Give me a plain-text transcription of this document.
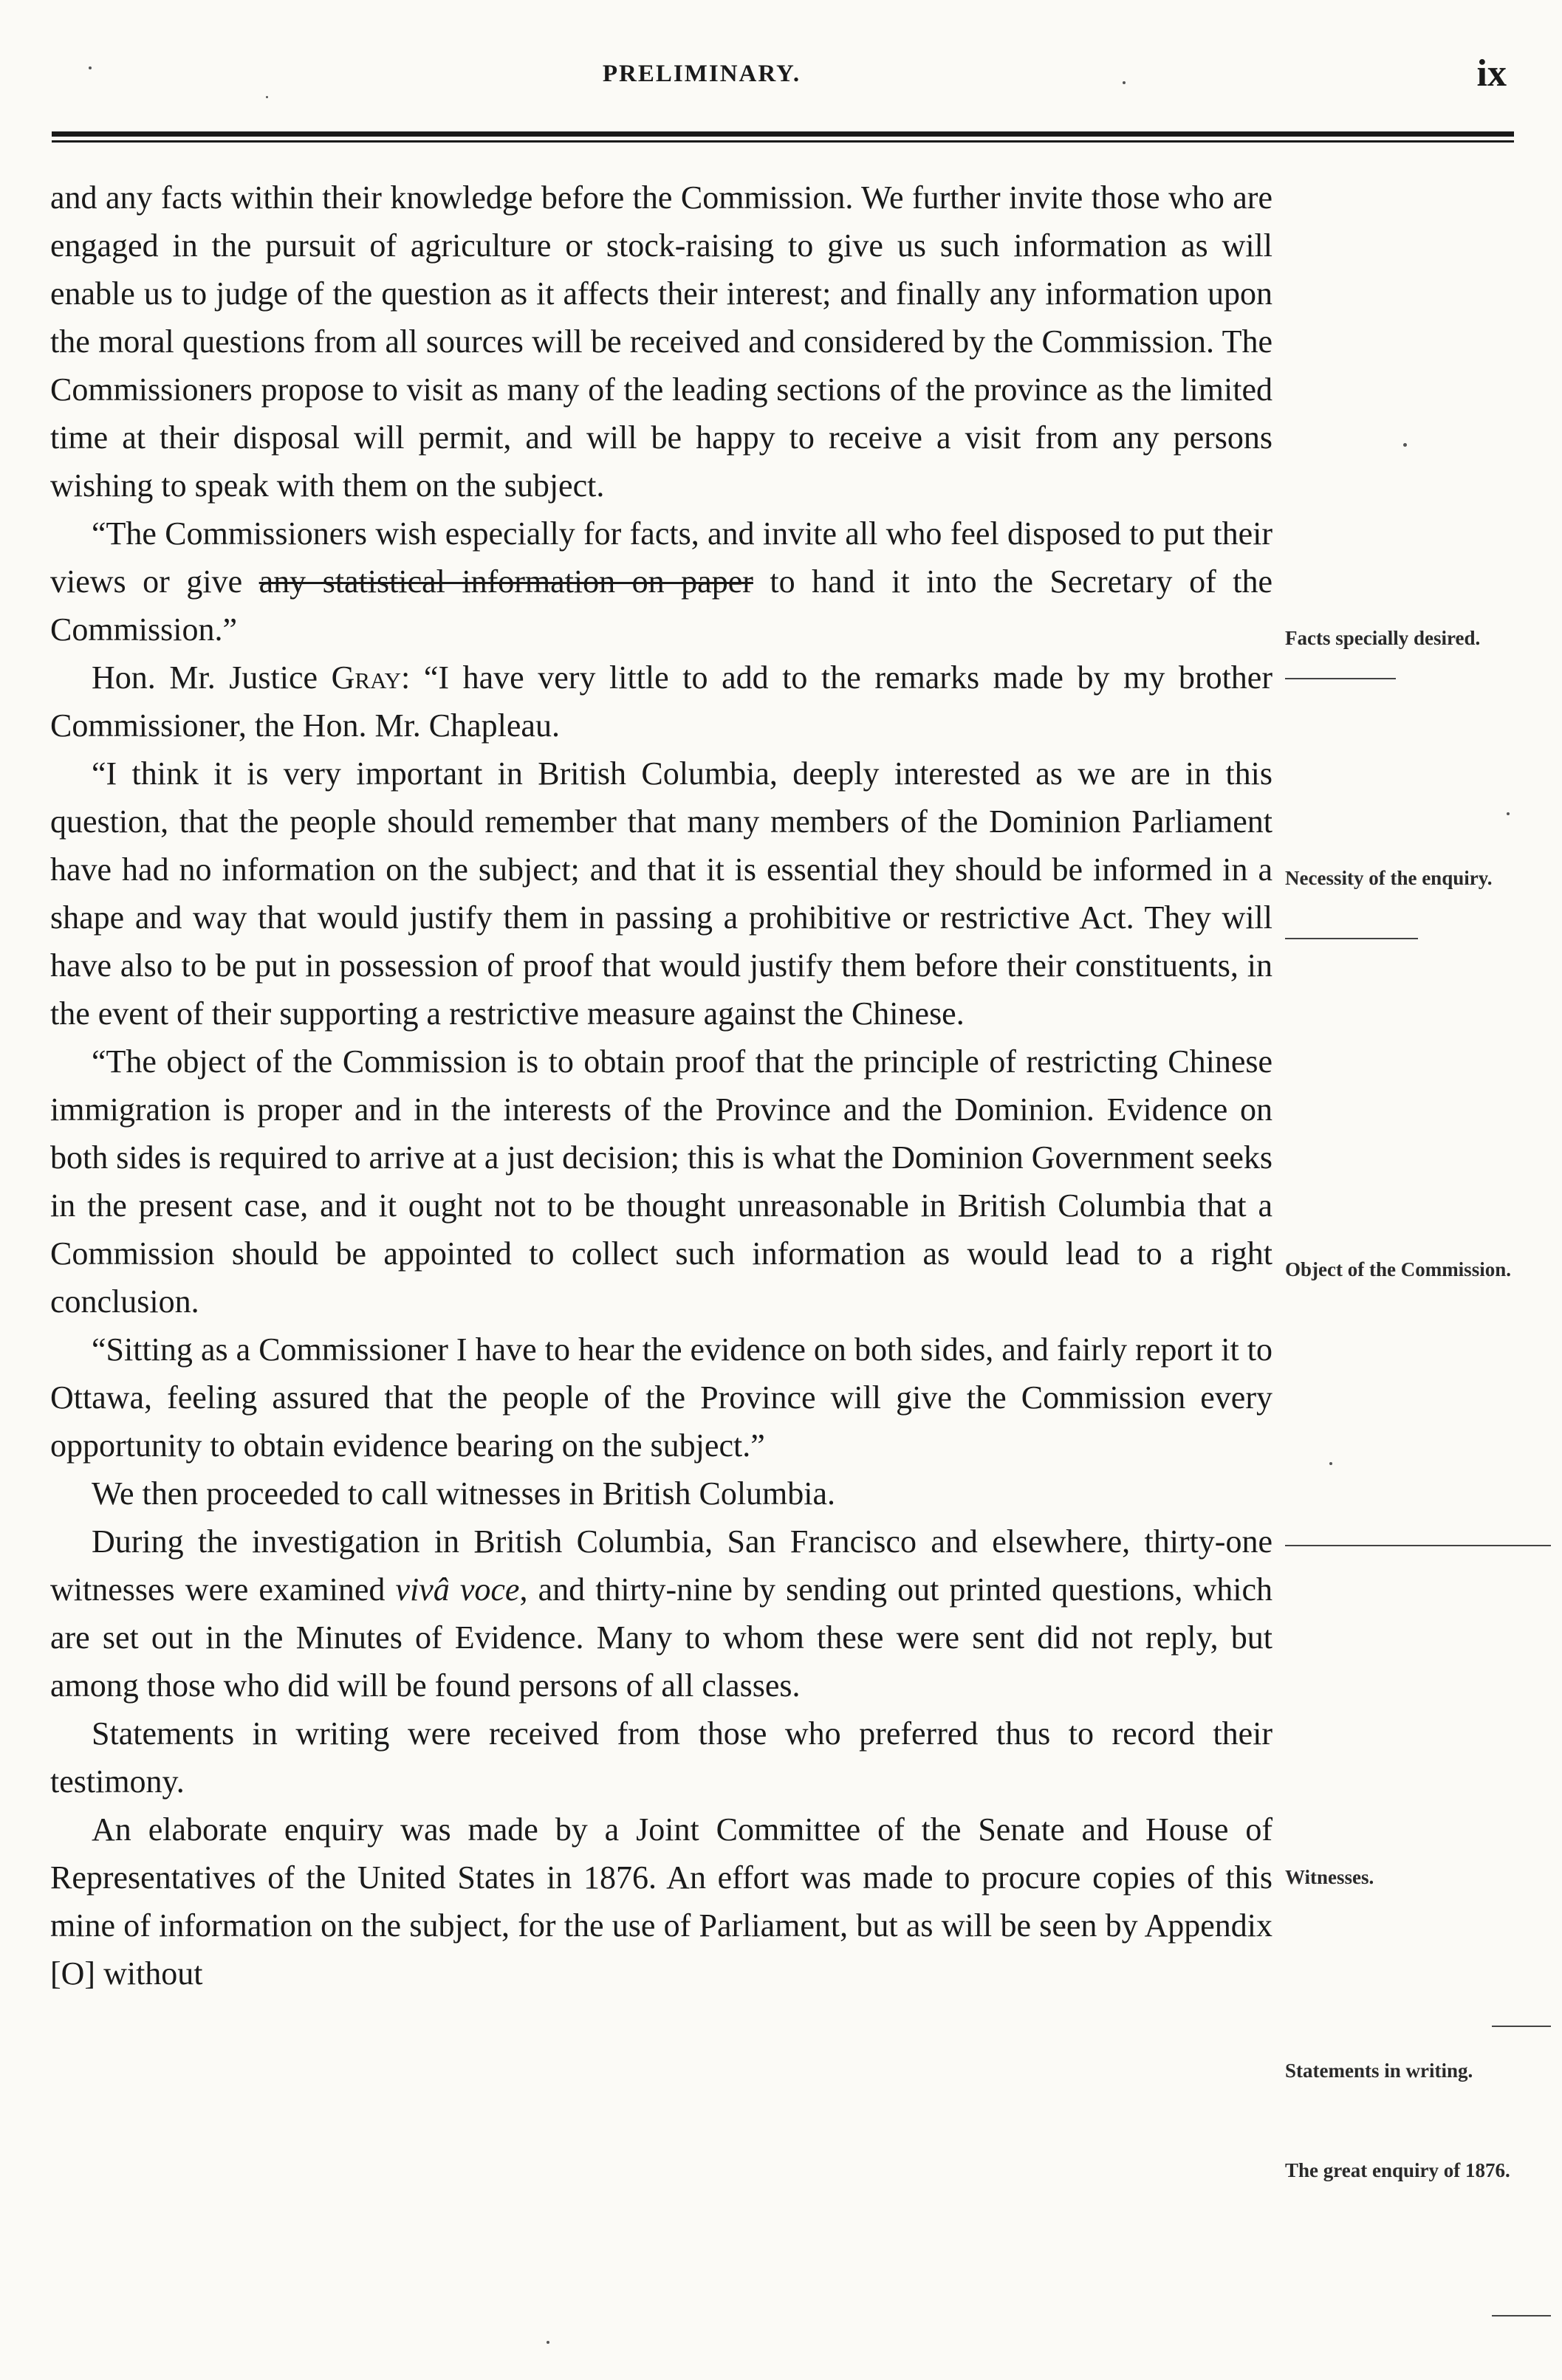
PRELIMINARY.	ix

and any facts within their knowledge before the Commission. We further invite those who are engaged in the pursuit of agriculture or stock-raising to give us such information as will enable us to judge of the question as it affects their interest; and finally any information upon the moral questions from all sources will be received and considered by the Commission. The Commissioners propose to visit as many of the leading sections of the province as the limited time at their disposal will permit, and will be happy to receive a visit from any persons wishing to speak with them on the subject.

“The Commissioners wish especially for facts, and invite all who feel disposed to put their views or give any statistical information on paper to hand it into the Secretary of the Commission.”

Hon. Mr. Justice Gray: “I have very little to add to the remarks made by my brother Commissioner, the Hon. Mr. Chapleau.

“I think it is very important in British Columbia, deeply interested as we are in this question, that the people should remember that many members of the Dominion Parliament have had no information on the subject; and that it is essential they should be informed in a shape and way that would justify them in passing a prohibitive or restrictive Act. They will have also to be put in possession of proof that would justify them before their constituents, in the event of their supporting a restrictive measure against the Chinese.

“The object of the Commission is to obtain proof that the principle of restricting Chinese immigration is proper and in the interests of the Province and the Dominion. Evidence on both sides is required to arrive at a just decision; this is what the Dominion Government seeks in the present case, and it ought not to be thought unreasonable in British Columbia that a Commission should be appointed to collect such information as would lead to a right conclusion.

“Sitting as a Commissioner I have to hear the evidence on both sides, and fairly report it to Ottawa, feeling assured that the people of the Province will give the Commission every opportunity to obtain evidence bearing on the subject.”

We then proceeded to call witnesses in British Columbia.

During the investigation in British Columbia, San Francisco and elsewhere, thirty-one witnesses were examined vivâ voce, and thirty-nine by sending out printed questions, which are set out in the Minutes of Evidence. Many to whom these were sent did not reply, but among those who did will be found persons of all classes.

Statements in writing were received from those who preferred thus to record their testimony.

An elaborate enquiry was made by a Joint Committee of the Senate and House of Representatives of the United States in 1876. An effort was made to procure copies of this mine of information on the subject, for the use of Parliament, but as will be seen by Appendix [O] without

Facts specially desired.
Necessity of the enquiry.
Object of the Commission.
Witnesses.
Statements in writing.
The great enquiry of 1876.
